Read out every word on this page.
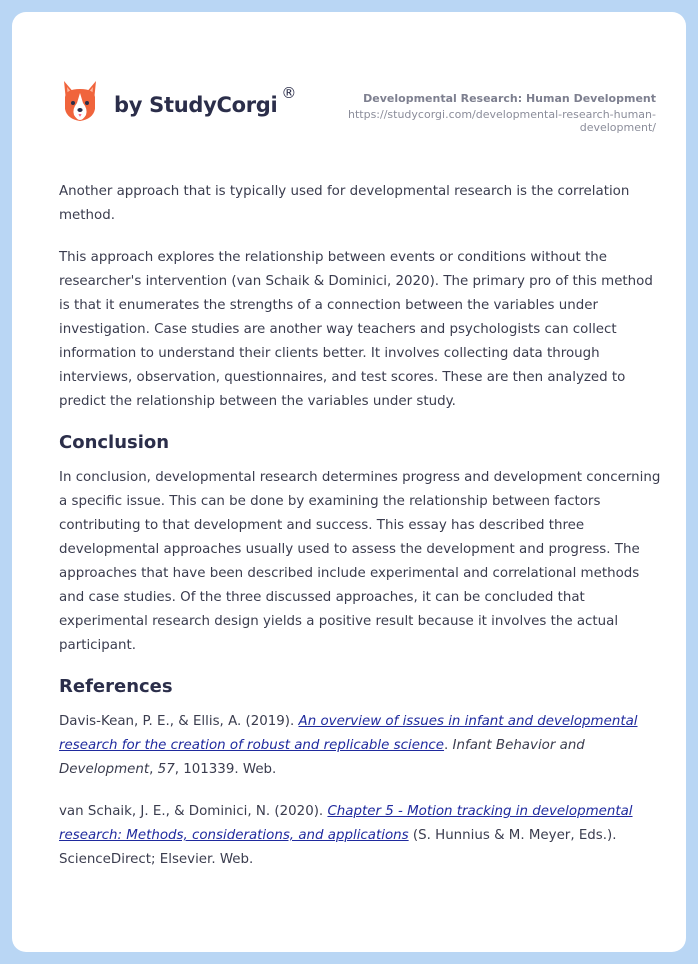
by StudyCorgi ®	Developmental Research: Human Development
https://studycorgi.com/developmental-research-human-
development/

Another approach that is typically used for developmental research is the correlation method.

This approach explores the relationship between events or conditions without the researcher's intervention (van Schaik & Dominici, 2020). The primary pro of this method is that it enumerates the strengths of a connection between the variables under investigation. Case studies are another way teachers and psychologists can collect information to understand their clients better. It involves collecting data through interviews, observation, questionnaires, and test scores. These are then analyzed to predict the relationship between the variables under study.

Conclusion

In conclusion, developmental research determines progress and development concerning a specific issue. This can be done by examining the relationship between factors contributing to that development and success. This essay has described three developmental approaches usually used to assess the development and progress. The approaches that have been described include experimental and correlational methods and case studies. Of the three discussed approaches, it can be concluded that experimental research design yields a positive result because it involves the actual participant.

References
Davis-Kean, P. E., & Ellis, A. (2019). An overview of issues in infant and developmental research for the creation of robust and replicable science. Infant Behavior and Development, 57, 101339. Web.
van Schaik, J. E., & Dominici, N. (2020). Chapter 5 - Motion tracking in developmental research: Methods, considerations, and applications (S. Hunnius & M. Meyer, Eds.). ScienceDirect; Elsevier. Web.
